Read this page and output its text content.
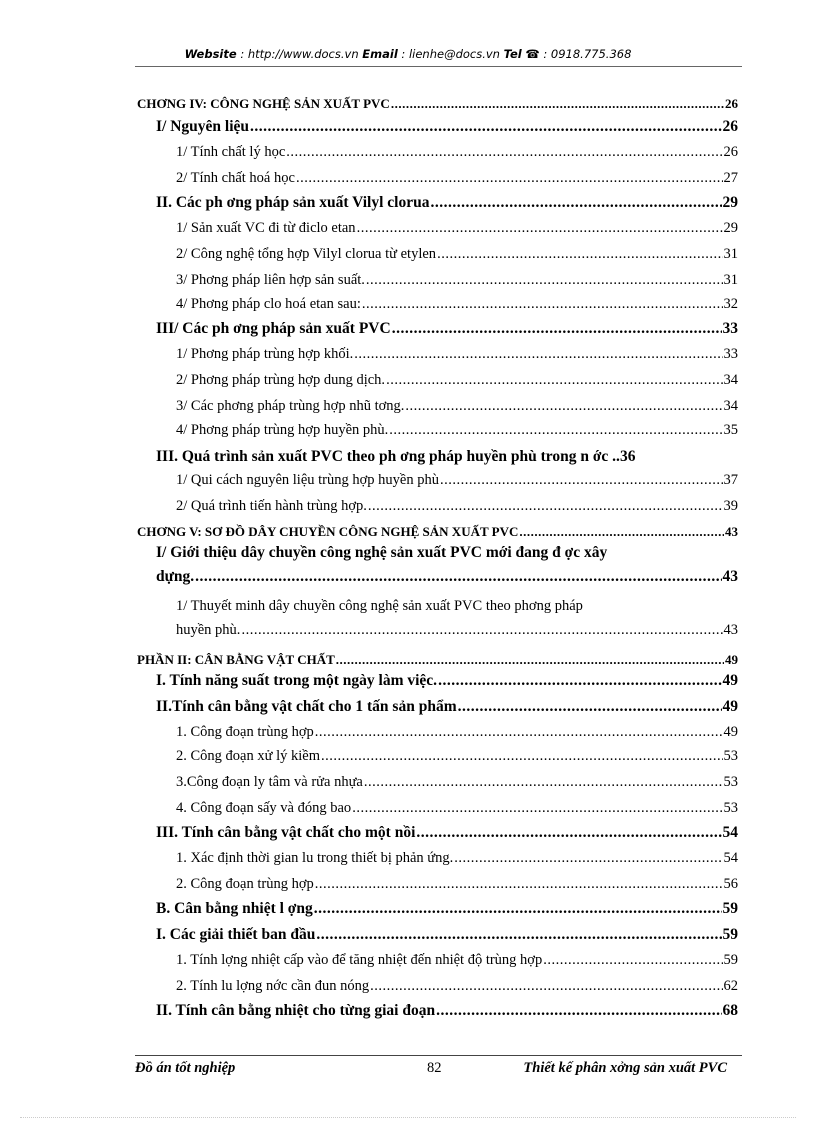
Website : http://www.docs.vn Email : lienhe@docs.vn Tel ☎ : 0918.775.368
CHƠNG IV: CÔNG NGHỆ SẢN XUẤT PVC .....	26
I/ Nguyên liệu .....	26
1/ Tính chất lý học .....	26
2/ Tính chất hoá học .....	27
II. Các ph ơng pháp sản xuất Vilyl clorua .....	29
1/ Sản xuất VC đi từ điclo etan .....	29
2/ Công nghệ tổng hợp Vilyl clorua từ etylen .....	31
3/ Phơng pháp liên hợp sản suất. .....	31
4/ Phơng pháp clo hoá etan sau: .....	32
III/ Các ph ơng pháp sản xuất PVC .....	33
1/ Phơng pháp trùng hợp khối. .....	33
2/ Phơng pháp trùng hợp dung dịch. .....	34
3/ Các phơng pháp trùng hợp nhũ tơng. .....	34
4/ Phơng pháp trùng hợp huyền phù. .....	35
III. Quá trình sản xuất PVC theo ph ơng pháp huyền phù trong n ớc .. 36
1/ Qui cách nguyên liệu trùng hợp huyền phù .....	37
2/ Quá trình tiến hành trùng hợp. .....	39
CHƠNG V: SƠ ĐỒ DÂY CHUYỀN CÔNG NGHỆ SẢN XUẤT PVC .....	43
I/ Giới thiệu dây chuyền công nghệ sản xuất PVC mới đang đ ợc xây
dựng. .....	43
1/ Thuyết minh dây chuyền công nghệ sản xuất PVC theo phơng pháp
huyền phù. .....	43
PHẦN II: CÂN BẰNG VẬT CHẤT .....	49
I. Tính năng suất trong một ngày làm việc. .....	49
II.Tính cân bằng vật chất cho 1 tấn sản phẩm .....	49
1. Công đoạn trùng hợp .....	49
2. Công đoạn xử lý kiềm .....	53
3.Công đoạn ly tâm và rửa nhựa .....	53
4. Công đoạn sấy và đóng bao .....	53
III. Tính cân bằng vật chất cho một nồi .....	54
1. Xác định thời gian lu trong thiết bị phản ứng. .....	54
2. Công đoạn trùng hợp .....	56
B. Cân bằng nhiệt l ợng .....	59
I. Các giải thiết ban đầu .....	59
1. Tính lợng nhiệt cấp vào để tăng nhiệt đến nhiệt độ trùng hợp .....	59
2. Tính lu lợng nớc cần đun nóng .....	62
II. Tính cân bằng nhiệt cho từng giai đoạn .....	68
Đồ án tốt nghiệp	82	Thiết kế phân xởng sản xuất PVC
